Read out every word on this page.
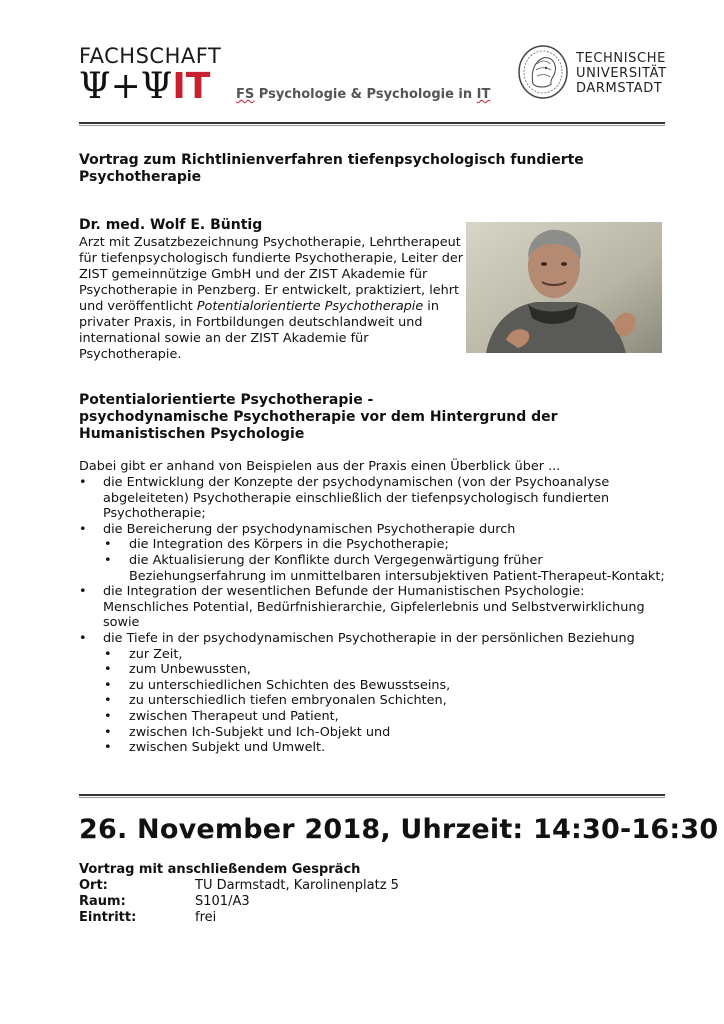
FACHSCHAFT
Ψ+ΨIT	FS Psychologie & Psychologie in IT
TECHNISCHE
UNIVERSITÄT
DARMSTADT
Vortrag zum Richtlinienverfahren tiefenpsychologisch fundierte Psychotherapie
Dr. med. Wolf E. Büntig
Arzt mit Zusatzbezeichnung Psychotherapie, Lehrtherapeut für tiefenpsychologisch fundierte Psychotherapie, Leiter der ZIST gemeinnützige GmbH und der ZIST Akademie für Psychotherapie in Penzberg. Er entwickelt, praktiziert, lehrt und veröffentlicht Potentialorientierte Psychotherapie in privater Praxis, in Fortbildungen deutschlandweit und international sowie an der ZIST Akademie für Psychotherapie.
Potentialorientierte Psychotherapie -
psychodynamische Psychotherapie vor dem Hintergrund der Humanistischen Psychologie
Dabei gibt er anhand von Beispielen aus der Praxis einen Überblick über ...
• die Entwicklung der Konzepte der psychodynamischen (von der Psychoanalyse abgeleiteten) Psychotherapie einschließlich der tiefenpsychologisch fundierten Psychotherapie;
• die Bereicherung der psychodynamischen Psychotherapie durch
• die Integration des Körpers in die Psychotherapie;
• die Aktualisierung der Konflikte durch Vergegenwärtigung früher Beziehungserfahrung im unmittelbaren intersubjektiven Patient-Therapeut-Kontakt;
• die Integration der wesentlichen Befunde der Humanistischen Psychologie: Menschliches Potential, Bedürfnishierarchie, Gipfelerlebnis und Selbstverwirklichung sowie
• die Tiefe in der psychodynamischen Psychotherapie in der persönlichen Beziehung
• zur Zeit,
• zum Unbewussten,
• zu unterschiedlichen Schichten des Bewusstseins,
• zu unterschiedlich tiefen embryonalen Schichten,
• zwischen Therapeut und Patient,
• zwischen Ich-Subjekt und Ich-Objekt und
• zwischen Subjekt und Umwelt.
26. November 2018, Uhrzeit: 14:30-16:30
Vortrag mit anschließendem Gespräch
Ort:	TU Darmstadt, Karolinenplatz 5
Raum:	S101/A3
Eintritt:	frei
